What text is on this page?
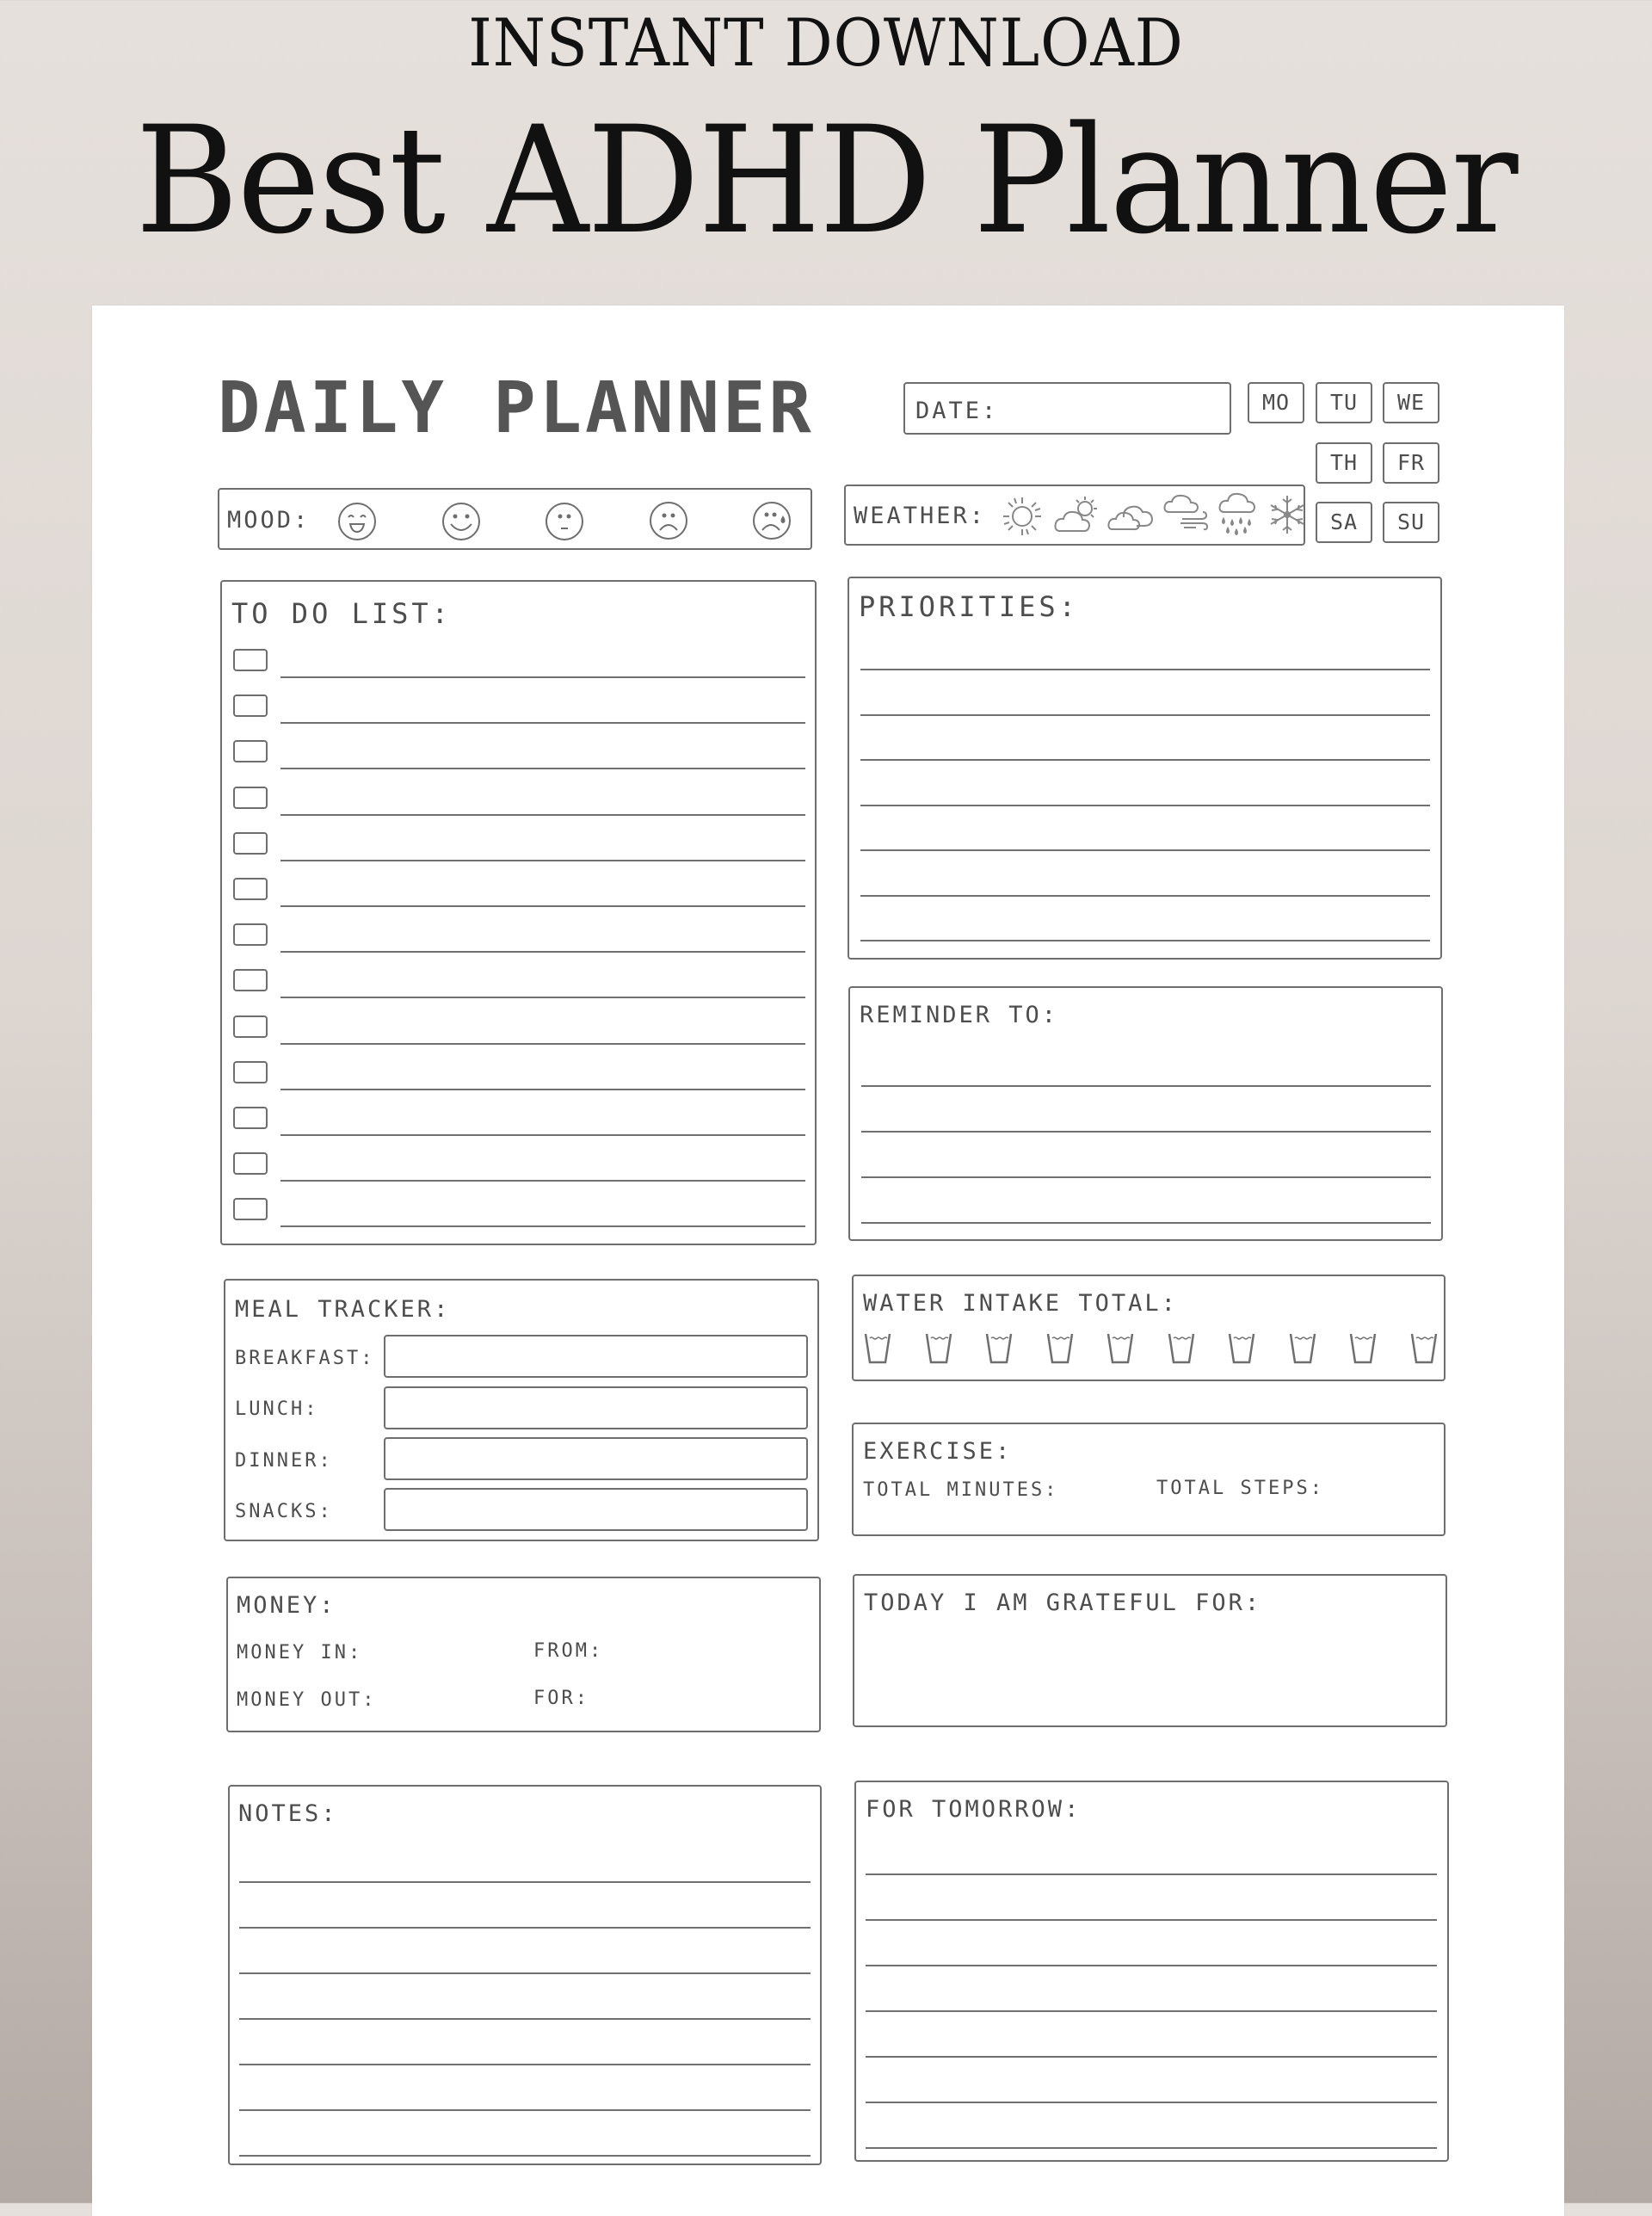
INSTANT DOWNLOAD
Best ADHD Planner
DAILY PLANNER	DATE:	MO	TU	WE
TH	FR
SA	SU
MOOD:	WEATHER:
TO DO LIST:	PRIORITIES:
REMINDER TO:
MEAL TRACKER:
BREAKFAST:
LUNCH:
DINNER:
SNACKS:
WATER INTAKE TOTAL:
EXERCISE:
TOTAL MINUTES:	TOTAL STEPS:
MONEY:
MONEY IN:	FROM:
MONEY OUT:	FOR:
TODAY I AM GRATEFUL FOR:
NOTES:	FOR TOMORROW:
